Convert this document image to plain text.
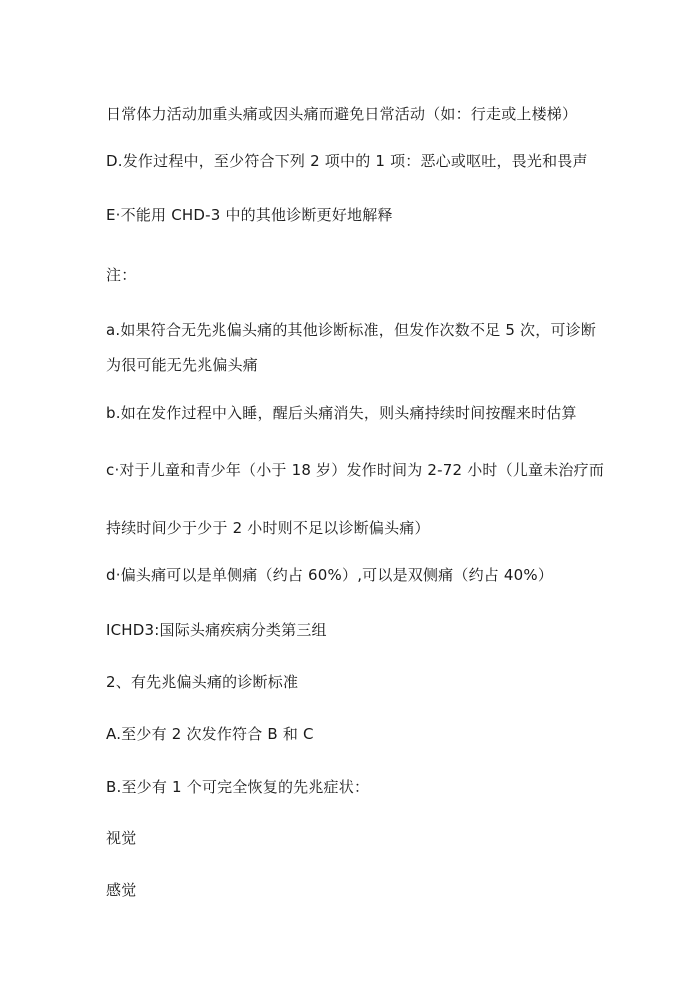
日常体力活动加重头痛或因头痛而避免日常活动（如：行走或上楼梯）
D.发作过程中，至少符合下列 2 项中的 1 项：恶心或呕吐，畏光和畏声
E·不能用 CHD-3 中的其他诊断更好地解释
注：
a.如果符合无先兆偏头痛的其他诊断标准，但发作次数不足 5 次，可诊断
为很可能无先兆偏头痛
b.如在发作过程中入睡，醒后头痛消失，则头痛持续时间按醒来时估算
c·对于儿童和青少年（小于 18 岁）发作时间为 2-72 小时（儿童未治疗而
持续时间少于少于 2 小时则不足以诊断偏头痛）
d·偏头痛可以是单侧痛（约占 60%）,可以是双侧痛（约占 40%）
ICHD3:国际头痛疾病分类第三组
2、有先兆偏头痛的诊断标准
A.至少有 2 次发作符合 B 和 C
B.至少有 1 个可完全恢复的先兆症状：
视觉
感觉
